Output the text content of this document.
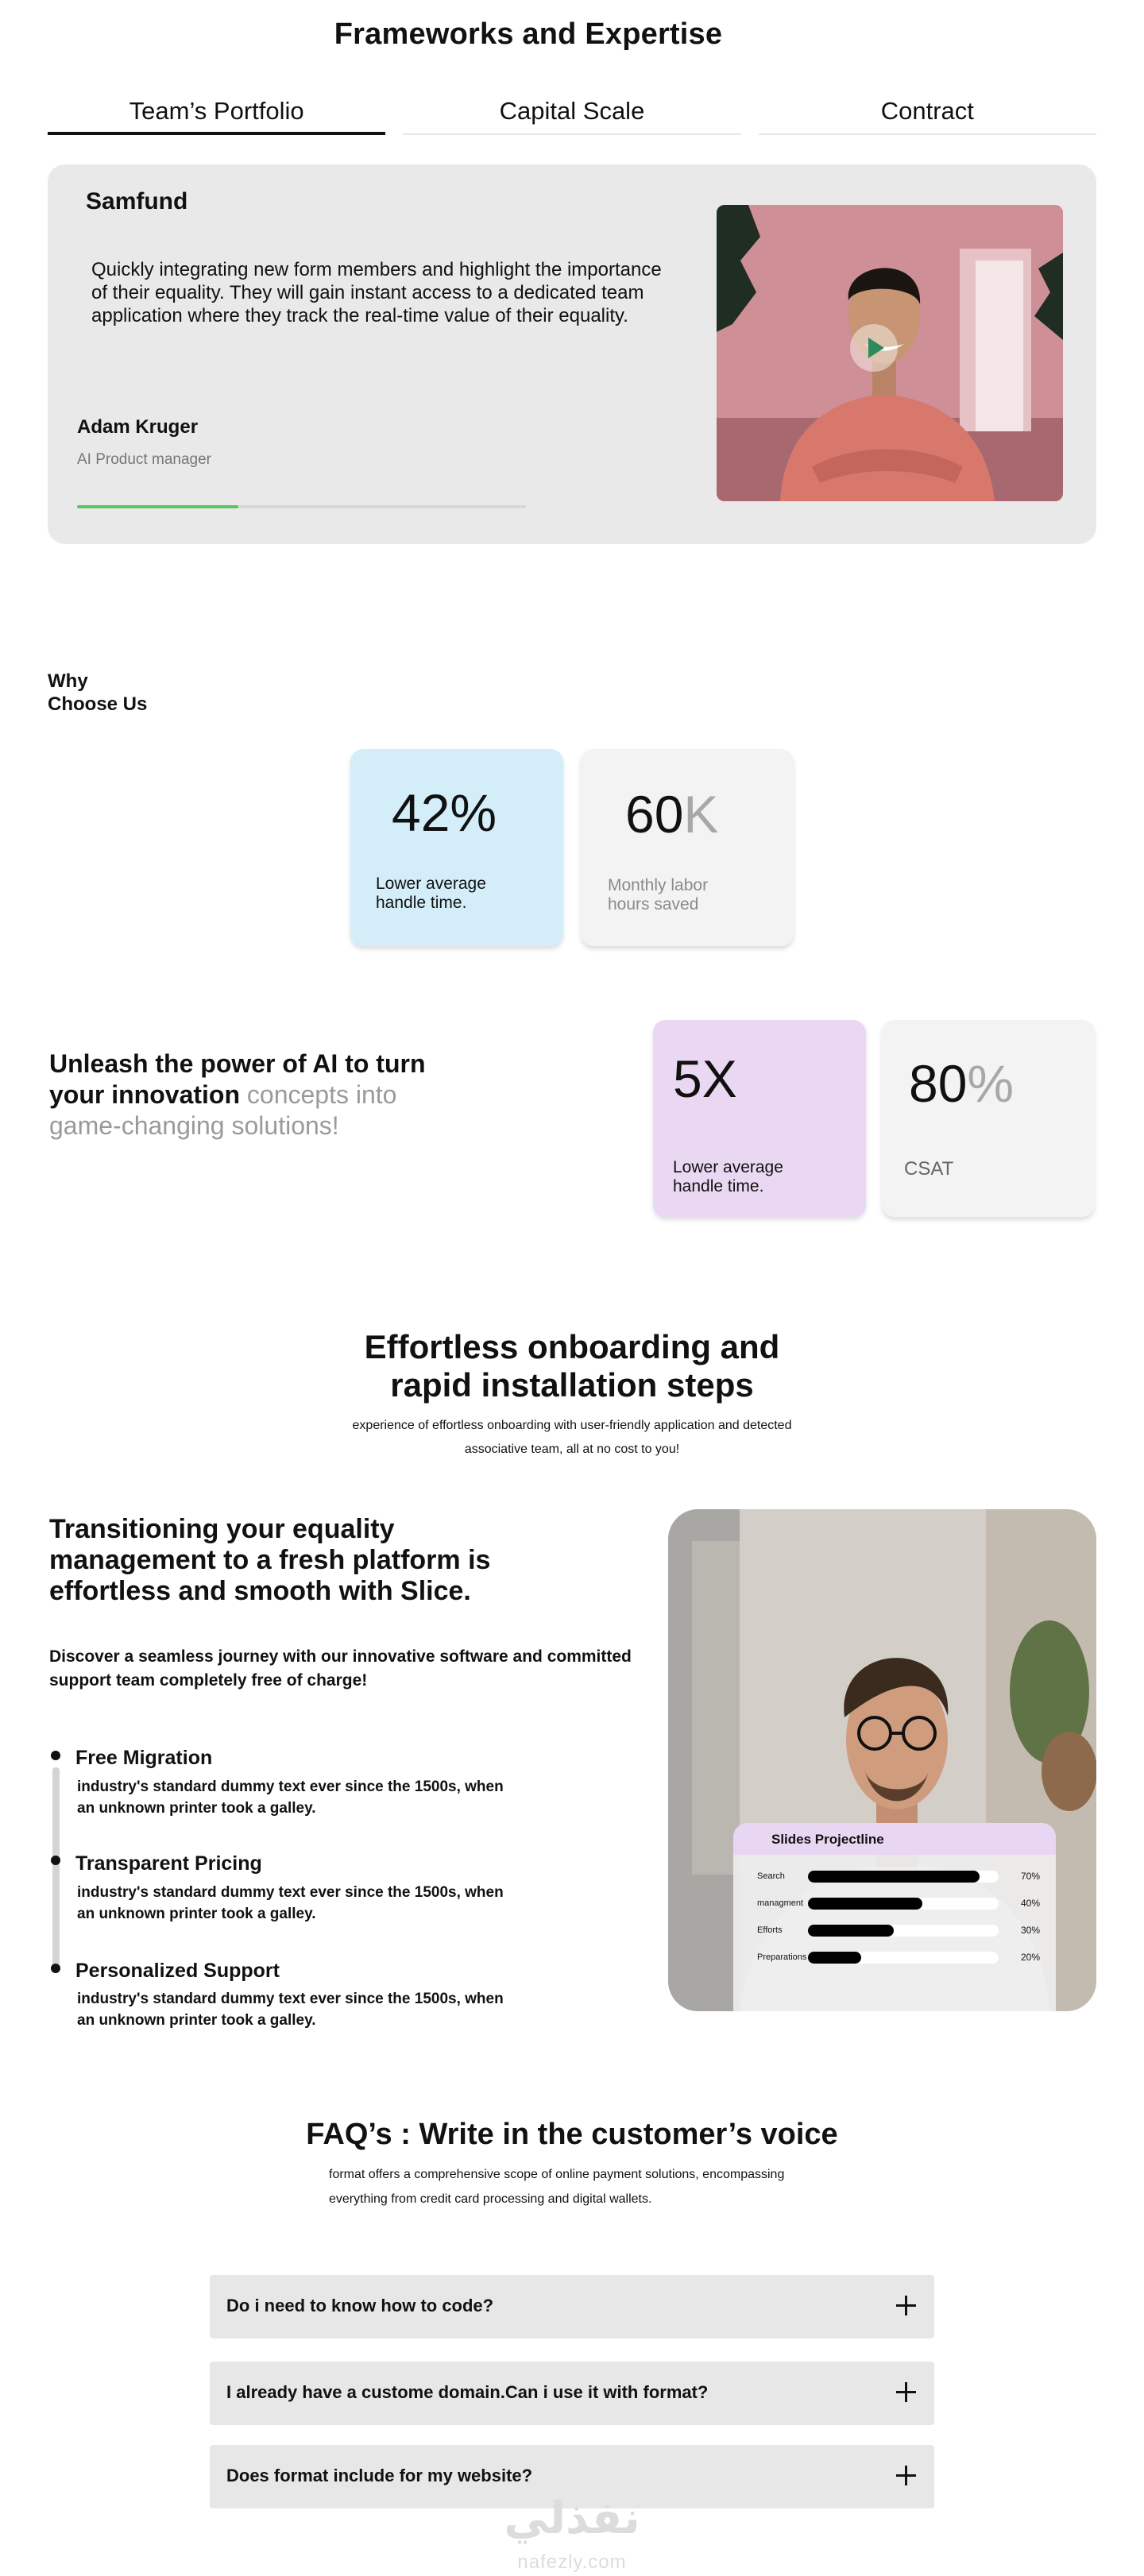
Frameworks and Expertise
Team’s Portfolio	Capital Scale	Contract
Samfund

Quickly integrating new form members and highlight the importance of their equality. They will gain instant access to a dedicated team application where they track the real-time value of their equality.

Adam Kruger
AI Product manager
Why
Choose Us
42%
Lower average handle time.
60K
Monthly labor hours saved

Unleash the power of AI to turn your innovation concepts into game-changing solutions!

5X
Lower average handle time.
80%
CSAT
Effortless onboarding and
rapid installation steps

experience of effortless onboarding with user-friendly application and detected associative team, all at no cost to you!

Transitioning your equality management to a fresh platform is effortless and smooth with Slice.

Discover a seamless journey with our innovative software and committed support team completely free of charge!

Free Migration

industry's standard dummy text ever since the 1500s, when an unknown printer took a galley.

Transparent Pricing

industry's standard dummy text ever since the 1500s, when an unknown printer took a galley.

Personalized Support

industry's standard dummy text ever since the 1500s, when an unknown printer took a galley.

Slides Projectline
Search	70%
managment	40%
Efforts	30%
Preparations	20%
FAQ’s : Write in the customer’s voice

format offers a comprehensive scope of online payment solutions, encompassing everything from credit card processing and digital wallets.

Do i need to know how to code?
I already have a custome domain.Can i use it with format?
Does format include for my website?
نفذلي
nafezly.com
